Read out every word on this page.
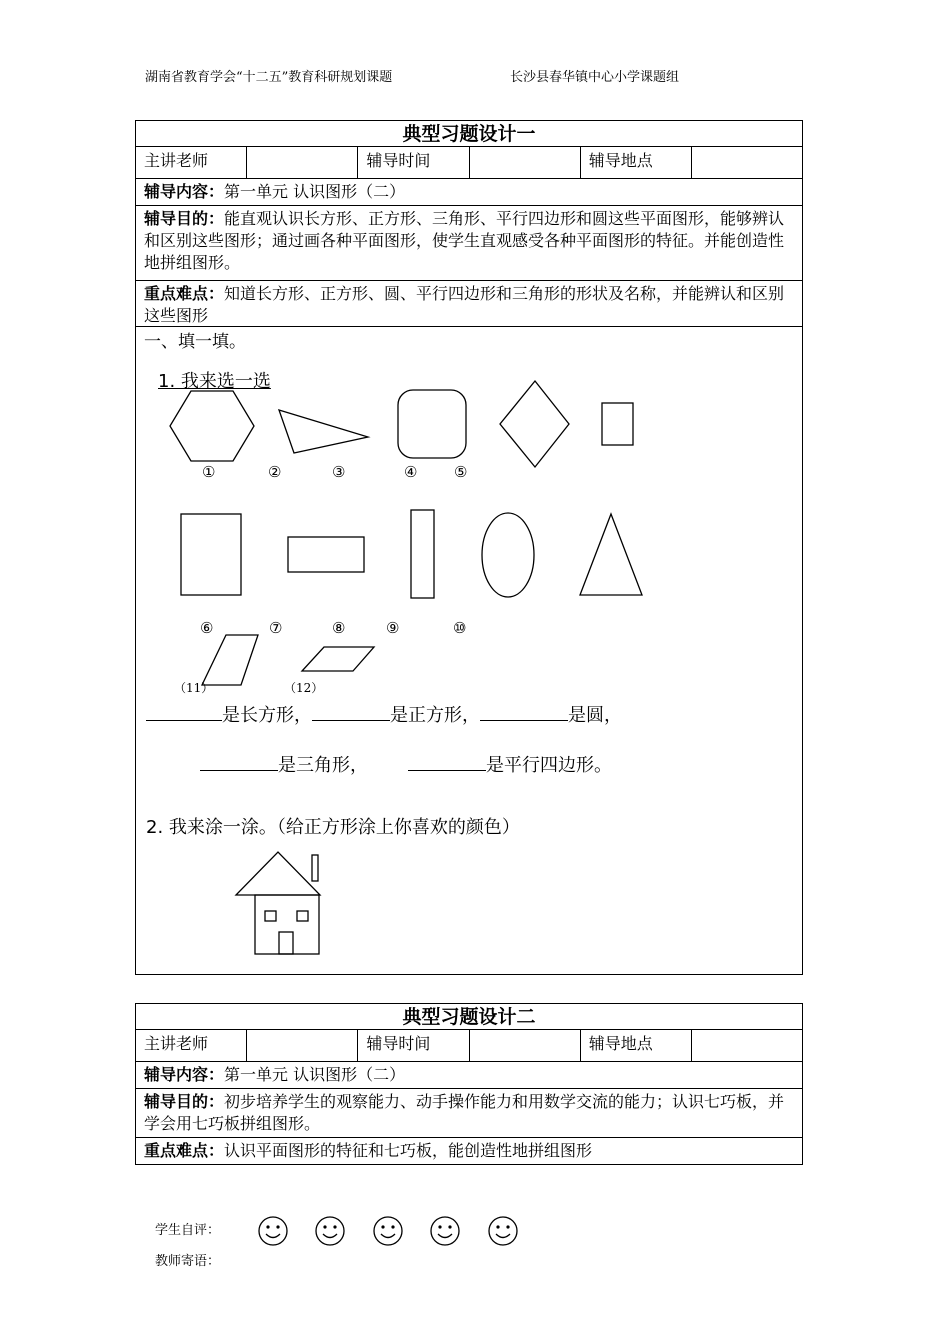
湖南省教育学会“十二五”教育科研规划课题	长沙县春华镇中心小学课题组
典型习题设计一
主讲老师	辅导时间	辅导地点
辅导内容：第一单元 认识图形（二）
辅导目的：能直观认识长方形、正方形、三角形、平行四边形和圆这些平面图形，能够辨认和区别这些图形；通过画各种平面图形，使学生直观感受各种平面图形的特征。并能创造性地拼组图形。
重点难点：知道长方形、正方形、圆、平行四边形和三角形的形状及名称，并能辨认和区别这些图形
一、填一填。
1. 我来选一选
①	②	③	④ ⑤
⑥	⑦	⑧	⑨	⑩
（11）	（12）
是长方形，	是正方形，	是圆，
是三角形，	是平行四边形。
2. 我来涂一涂。（给正方形涂上你喜欢的颜色）
典型习题设计二
主讲老师	辅导时间	辅导地点
辅导内容：第一单元 认识图形（二）
辅导目的：初步培养学生的观察能力、动手操作能力和用数学交流的能力；认识七巧板，并学会用七巧板拼组图形。
重点难点：认识平面图形的特征和七巧板，能创造性地拼组图形
学生自评：
教师寄语：
